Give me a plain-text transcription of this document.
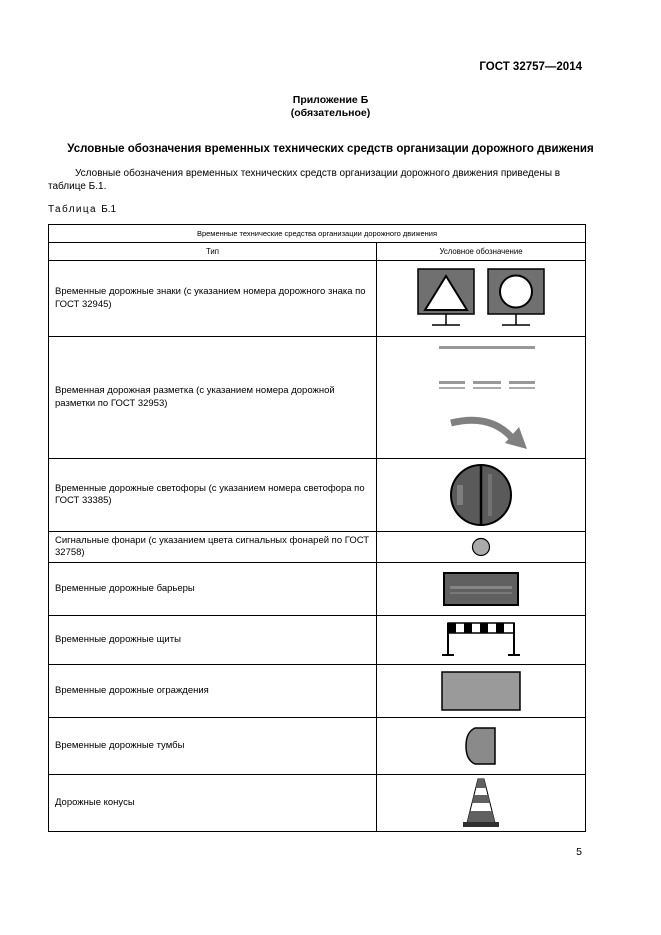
ГОСТ 32757—2014
Приложение Б
(обязательное)
Условные обозначения временных технических средств организации дорожного движения
Условные обозначения временных технических средств организации дорожного движения приведены в таблице Б.1.
Таблица Б.1
Временные технические средства организации дорожного движения	
Тип	Условное обозначение
Временные дорожные знаки (с указанием номера дорожного знака по ГОСТ 32945)	

Временная дорожная разметка (с указанием номера дорожной разметки по ГОСТ 32953)	

Временные дорожные светофоры (с указанием номера светофора по ГОСТ 33385)	

Сигнальные фонари (с указанием цвета сигнальных фонарей по ГОСТ 32758)	

Временные дорожные барьеры	

Временные дорожные щиты	

Временные дорожные ограждения	

Временные дорожные тумбы	

Дорожные конусы	
5
